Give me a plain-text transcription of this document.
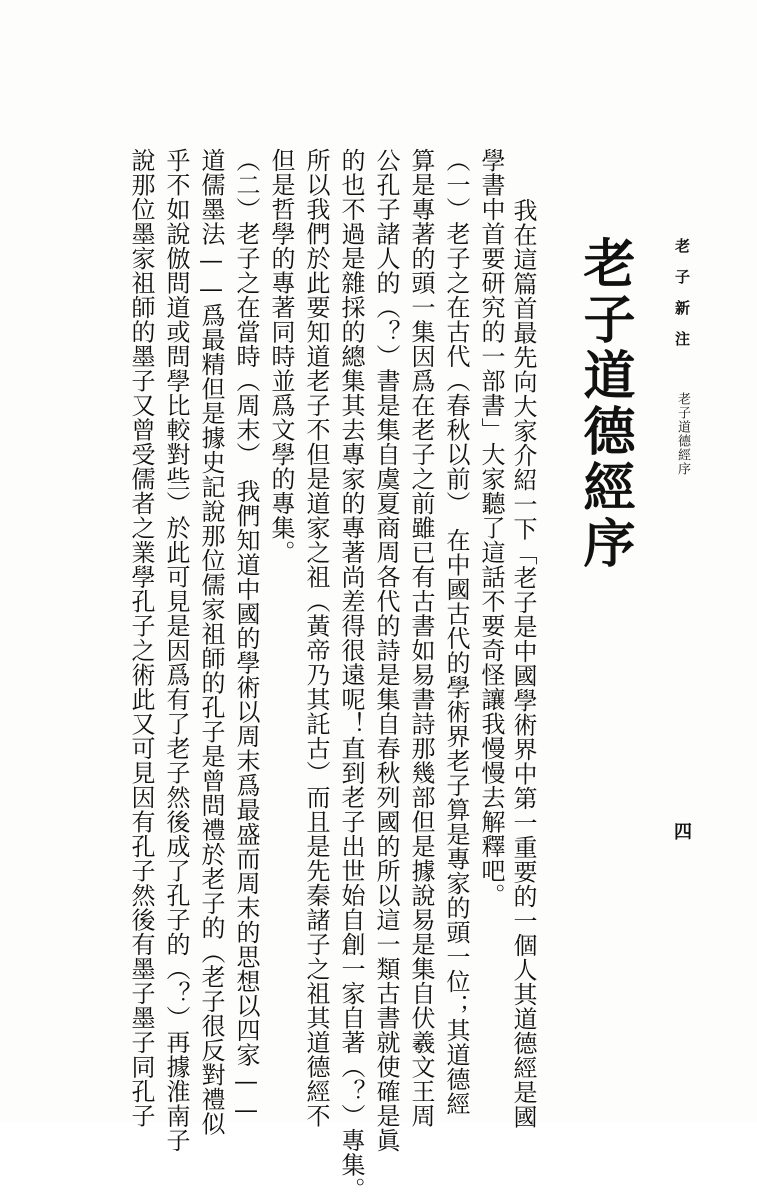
老子新注
老子道德經序
四
老子道德經序
我在這篇首最先向大家介紹一下「老子是中國學術界中第一重要的一個人其道德經是國
學書中首要研究的一部書」大家聽了這話不要奇怪讓我慢慢去解釋吧。
（一）老子之在古代（春秋以前）　在中國古代的學術界老子算是專家的頭一位；其道德經
算是專著的頭一集因爲在老子之前雖已有古書如易書詩那幾部但是據說易是集自伏羲文王周
公孔子諸人的（？）書是集自虞夏商周各代的詩是集自春秋列國的所以這一類古書就使確是眞
的也不過是雜採的總集其去專家的專著尚差得很遠呢！直到老子出世始自創一家自著（？）專集。
所以我們於此要知道老子不但是道家之祖（黃帝乃其託古）而且是先秦諸子之祖其道德經不
但是哲學的專著同時並爲文學的專集。
（二）老子之在當時（周末）　我們知道中國的學術以周末爲最盛而周末的思想以四家——
道儒墨法——爲最精但是據史記說那位儒家祖師的孔子是曾問禮於老子的（老子很反對禮似
乎不如說倣問道或問學比較對些）於此可見是因爲有了老子然後成了孔子的（？）再據淮南子
說那位墨家祖師的墨子又曾受儒者之業學孔子之術此又可見因有孔子然後有墨子墨子同孔子
